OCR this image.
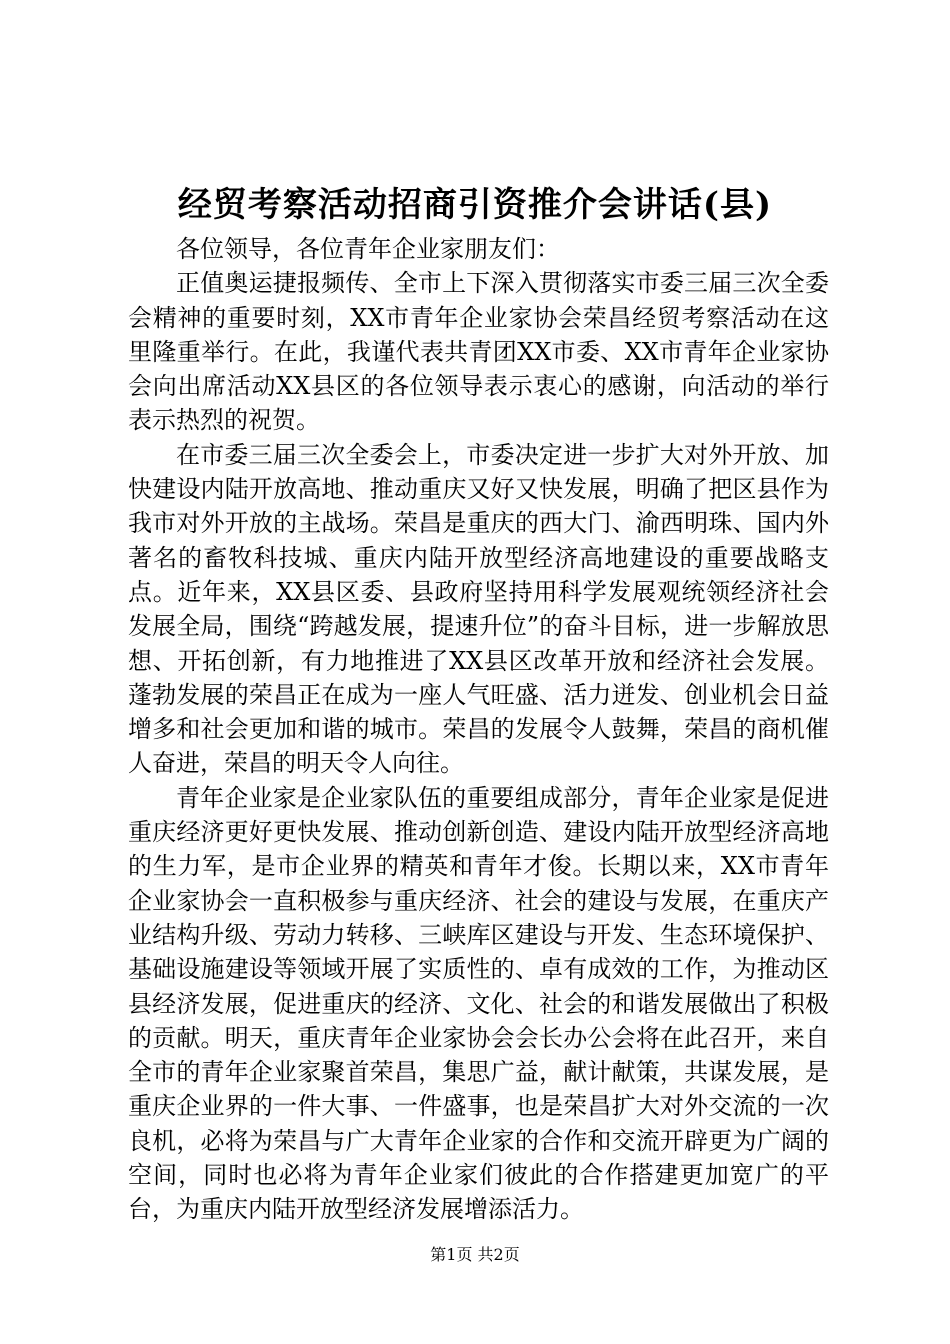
经贸考察活动招商引资推介会讲话(县)

各位领导，各位青年企业家朋友们：

正值奥运捷报频传、全市上下深入贯彻落实市委三届三次全委会精神的重要时刻，XX市青年企业家协会荣昌经贸考察活动在这里隆重举行。在此，我谨代表共青团XX市委、XX市青年企业家协会向出席活动XX县区的各位领导表示衷心的感谢，向活动的举行表示热烈的祝贺。

在市委三届三次全委会上，市委决定进一步扩大对外开放、加快建设内陆开放高地、推动重庆又好又快发展，明确了把区县作为我市对外开放的主战场。荣昌是重庆的西大门、渝西明珠、国内外著名的畜牧科技城、重庆内陆开放型经济高地建设的重要战略支点。近年来，XX县区委、县政府坚持用科学发展观统领经济社会发展全局，围绕“跨越发展，提速升位”的奋斗目标，进一步解放思想、开拓创新，有力地推进了XX县区改革开放和经济社会发展。蓬勃发展的荣昌正在成为一座人气旺盛、活力迸发、创业机会日益增多和社会更加和谐的城市。荣昌的发展令人鼓舞，荣昌的商机催人奋进，荣昌的明天令人向往。

青年企业家是企业家队伍的重要组成部分，青年企业家是促进重庆经济更好更快发展、推动创新创造、建设内陆开放型经济高地的生力军，是市企业界的精英和青年才俊。长期以来，XX市青年企业家协会一直积极参与重庆经济、社会的建设与发展，在重庆产业结构升级、劳动力转移、三峡库区建设与开发、生态环境保护、基础设施建设等领域开展了实质性的、卓有成效的工作，为推动区县经济发展，促进重庆的经济、文化、社会的和谐发展做出了积极的贡献。明天，重庆青年企业家协会会长办公会将在此召开，来自全市的青年企业家聚首荣昌，集思广益，献计献策，共谋发展，是重庆企业界的一件大事、一件盛事，也是荣昌扩大对外交流的一次良机，必将为荣昌与广大青年企业家的合作和交流开辟更为广阔的空间，同时也必将为青年企业家们彼此的合作搭建更加宽广的平台，为重庆内陆开放型经济发展增添活力。

第1页 共2页
